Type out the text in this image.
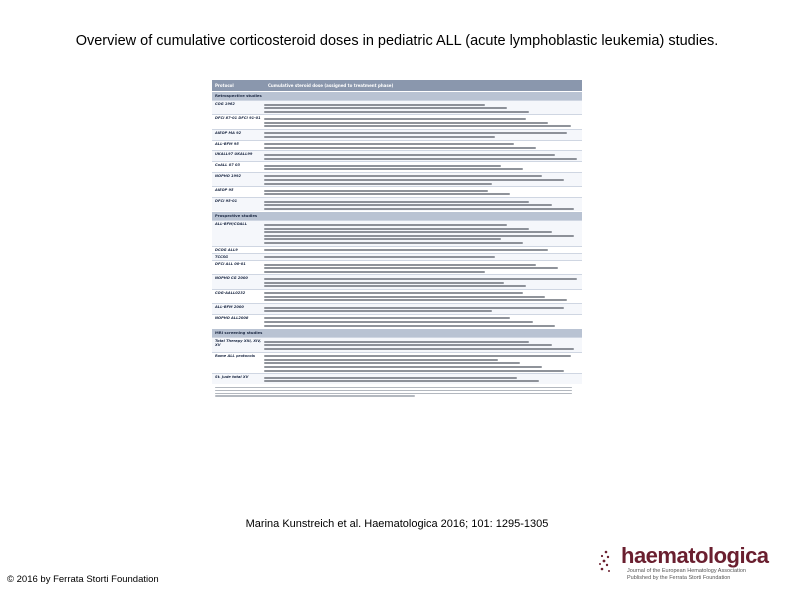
Overview of cumulative corticosteroid doses in pediatric ALL (acute lymphoblastic leukemia) studies.
Protocol	Cumulative steroid dose (assigned to treatment phase)
Retrospective studies
COG 1962
DFCI 87-01 DFCI 91-01
AIEOP MA 92
ALL-BFM 95
UKALL97 UKALL99
CoALL 07 03
NOPHO 1992
AIEOP 95
DFCI 95-01
Prospective studies
ALL-BFM/COALL
DCOG ALL9
TCCSG
DFCI ALL 00-01
NOPHO CG 2000
COG-AALL0232
ALL-BFM 2000
NOPHO ALL2008
MRI screening studies
Total Therapy XIII, XIV, XV
Rome ALL protocols
St. Jude total XV
Marina Kunstreich et al. Haematologica 2016; 101: 1295-1305
© 2016 by Ferrata Storti Foundation
haematologica
Journal of the European Hematology Association
Published by the Ferrata Storti Foundation
